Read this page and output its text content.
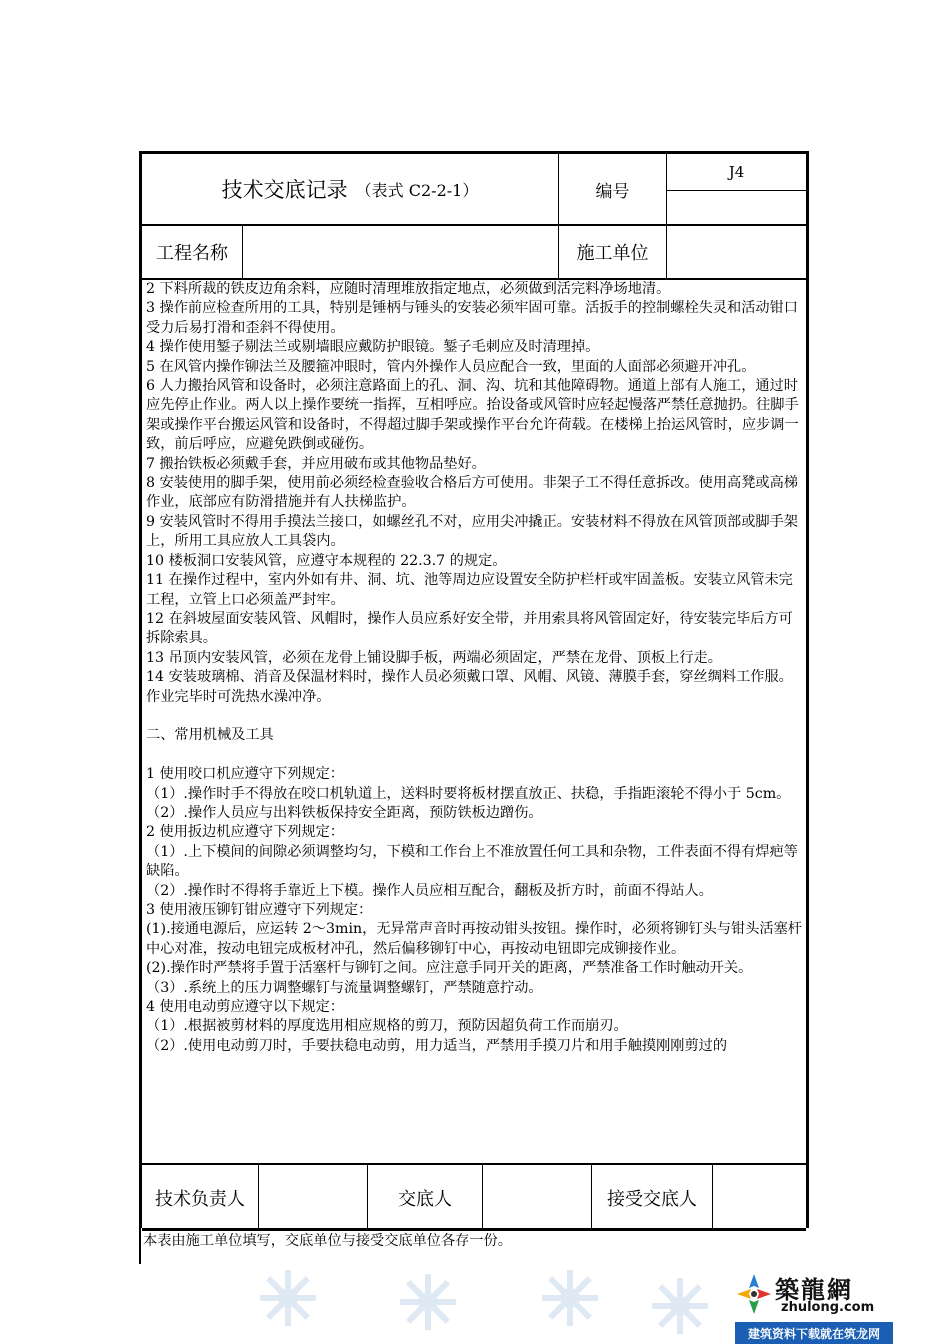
技术交底记录 （表式 C2-2-1）	编号
J4
工程名称	施工单位

2 下料所裁的铁皮边角余料，应随时清理堆放指定地点，必须做到活完料净场地清。

3 操作前应检查所用的工具，特别是锤柄与锤头的安装必须牢固可靠。活扳手的控制螺栓失灵和活动钳口受力后易打滑和歪斜不得使用。

4 操作使用錾子剔法兰或剔墙眼应戴防护眼镜。錾子毛刺应及时清理掉。

5 在风管内操作铆法兰及腰箍冲眼时，管内外操作人员应配合一致，里面的人面部必须避开冲孔。

6 人力搬抬风管和设备时，必须注意路面上的孔、洞、沟、坑和其他障碍物。通道上部有人施工，通过时应先停止作业。两人以上操作要统一指挥，互相呼应。抬设备或风管时应轻起慢落严禁任意抛扔。往脚手架或操作平台搬运风管和设备时，不得超过脚手架或操作平台允许荷载。在楼梯上抬运风管时，应步调一致，前后呼应，应避免跌倒或碰伤。

7 搬抬铁板必须戴手套，并应用破布或其他物品垫好。

8 安装使用的脚手架，使用前必须经检查验收合格后方可使用。非架子工不得任意拆改。使用高凳或高梯作业，底部应有防滑措施并有人扶梯监护。

9 安装风管时不得用手摸法兰接口，如螺丝孔不对，应用尖冲撬正。安装材料不得放在风管顶部或脚手架上，所用工具应放人工具袋内。

10 楼板洞口安装风管，应遵守本规程的 22.3.7 的规定。

11 在操作过程中，室内外如有井、洞、坑、池等周边应设置安全防护栏杆或牢固盖板。安装立风管未完工程，立管上口必须盖严封牢。

12 在斜坡屋面安装风管、风帽时，操作人员应系好安全带，并用索具将风管固定好，待安装完毕后方可拆除索具。

13 吊顶内安装风管，必须在龙骨上铺设脚手板，两端必须固定，严禁在龙骨、顶板上行走。

14 安装玻璃棉、消音及保温材料时，操作人员必须戴口罩、风帽、风镜、薄膜手套，穿丝绸料工作服。作业完毕时可洗热水澡冲净。

二、常用机械及工具

1 使用咬口机应遵守下列规定：

（1）.操作时手不得放在咬口机轨道上，送料时要将板材摆直放正、扶稳，手指距滚轮不得小于 5cm。

（2）.操作人员应与出料铁板保持安全距离，预防铁板边蹭伤。

2 使用扳边机应遵守下列规定：

（1）.上下模间的间隙必须调整均匀，下模和工作台上不准放置任何工具和杂物，工件表面不得有焊疤等缺陷。

（2）.操作时不得将手靠近上下模。操作人员应相互配合，翻板及折方时，前面不得站人。

3 使用液压铆钉钳应遵守下列规定：

(1).接通电源后，应运转 2～3min，无异常声音时再按动钳头按钮。操作时，必须将铆钉头与钳头活塞杆中心对准，按动电钮完成板材冲孔，然后偏移铆钉中心，再按动电钮即完成铆接作业。

(2).操作时严禁将手置于活塞杆与铆钉之间。应注意手同开关的距离，严禁准备工作时触动开关。

（3）.系统上的压力调整螺钉与流量调整螺钉，严禁随意拧动。

4 使用电动剪应遵守以下规定：

（1）.根据被剪材料的厚度选用相应规格的剪刀，预防因超负荷工作而崩刃。

（2）.使用电动剪刀时，手要扶稳电动剪，用力适当，严禁用手摸刀片和用手触摸刚刚剪过的

技术负责人	交底人	接受交底人
本表由施工单位填写，交底单位与接受交底单位各存一份。
築龍網
zhulong.com
建筑资料下载就在筑龙网
